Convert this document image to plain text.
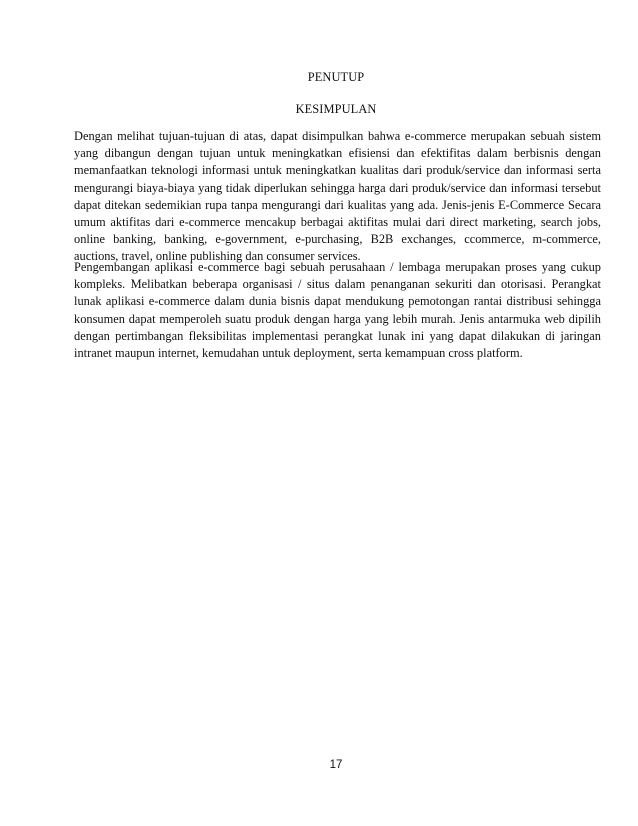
PENUTUP
KESIMPULAN

Dengan melihat tujuan-tujuan di atas, dapat disimpulkan bahwa e-commerce merupakan sebuah sistem yang dibangun dengan tujuan untuk meningkatkan efisiensi dan efektifitas dalam berbisnis dengan memanfaatkan teknologi informasi untuk meningkatkan kualitas dari produk/service dan informasi serta mengurangi biaya-biaya yang tidak diperlukan sehingga harga dari produk/service dan informasi tersebut dapat ditekan sedemikian rupa tanpa mengurangi dari kualitas yang ada. Jenis-jenis E-Commerce Secara umum aktifitas dari e-commerce mencakup berbagai aktifitas mulai dari direct marketing, search jobs, online banking, banking, e-government, e-purchasing, B2B exchanges, ccommerce, m-commerce, auctions, travel, online publishing dan consumer services.

Pengembangan aplikasi e-commerce bagi sebuah perusahaan / lembaga merupakan proses yang cukup kompleks. Melibatkan beberapa organisasi / situs dalam penanganan sekuriti dan otorisasi. Perangkat lunak aplikasi e-commerce dalam dunia bisnis dapat mendukung pemotongan rantai distribusi sehingga konsumen dapat memperoleh suatu produk dengan harga yang lebih murah. Jenis antarmuka web dipilih dengan pertimbangan fleksibilitas implementasi perangkat lunak ini yang dapat dilakukan di jaringan intranet maupun internet, kemudahan untuk deployment, serta kemampuan cross platform.

17
